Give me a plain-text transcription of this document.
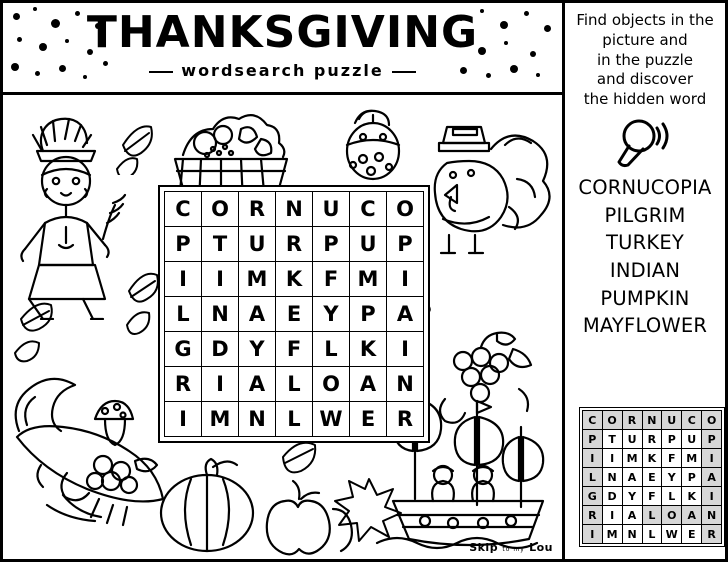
THANKSGIVING
wordsearch puzzle
C	O	R	N	U	C	O
P	T	U	R	P	U	P
I	I	M	K	F	M	I
L	N	A	E	Y	P	A
G	D	Y	F	L	K	I
R	I	A	L	O	A	N
I	M	N	L	W	E	R
Skip to my Lou
Find objects in the
picture and
in the puzzle
and discover
the hidden word
CORNUCOPIA
PILGRIM
TURKEY
INDIAN
PUMPKIN
MAYFLOWER
C	O	R	N	U	C	O
P	T	U	R	P	U	P
I	I	M	K	F	M	I
L	N	A	E	Y	P	A
G	D	Y	F	L	K	I
R	I	A	L	O	A	N
I	M	N	L	W	E	R
